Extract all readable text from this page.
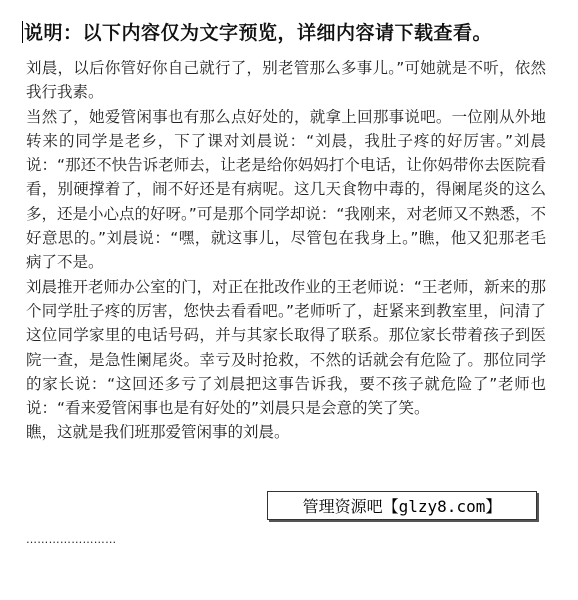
说明：以下内容仅为文字预览，详细内容请下载查看。

刘晨，以后你管好你自己就行了，别老管那么多事儿。”可她就是不听，依然我行我素。

当然了，她爱管闲事也有那么点好处的，就拿上回那事说吧。一位刚从外地转来的同学是老乡，下了课对刘晨说：“刘晨，我肚子疼的好厉害。”刘晨说：“那还不快告诉老师去，让老是给你妈妈打个电话，让你妈带你去医院看看，别硬撑着了，闹不好还是有病呢。这几天食物中毒的，得阑尾炎的这么多，还是小心点的好呀。”可是那个同学却说：“我刚来，对老师又不熟悉，不好意思的。”刘晨说：“嘿，就这事儿，尽管包在我身上。”瞧，他又犯那老毛病了不是。

刘晨推开老师办公室的门，对正在批改作业的王老师说：“王老师，新来的那个同学肚子疼的厉害，您快去看看吧。”老师听了，赶紧来到教室里，问清了这位同学家里的电话号码，并与其家长取得了联系。那位家长带着孩子到医院一查，是急性阑尾炎。幸亏及时抢救，不然的话就会有危险了。那位同学的家长说：“这回还多亏了刘晨把这事告诉我，要不孩子就危险了”老师也说：“看来爱管闲事也是有好处的”刘晨只是会意的笑了笑。

瞧，这就是我们班那爱管闲事的刘晨。

……………………
管理资源吧【glzy8.com】
